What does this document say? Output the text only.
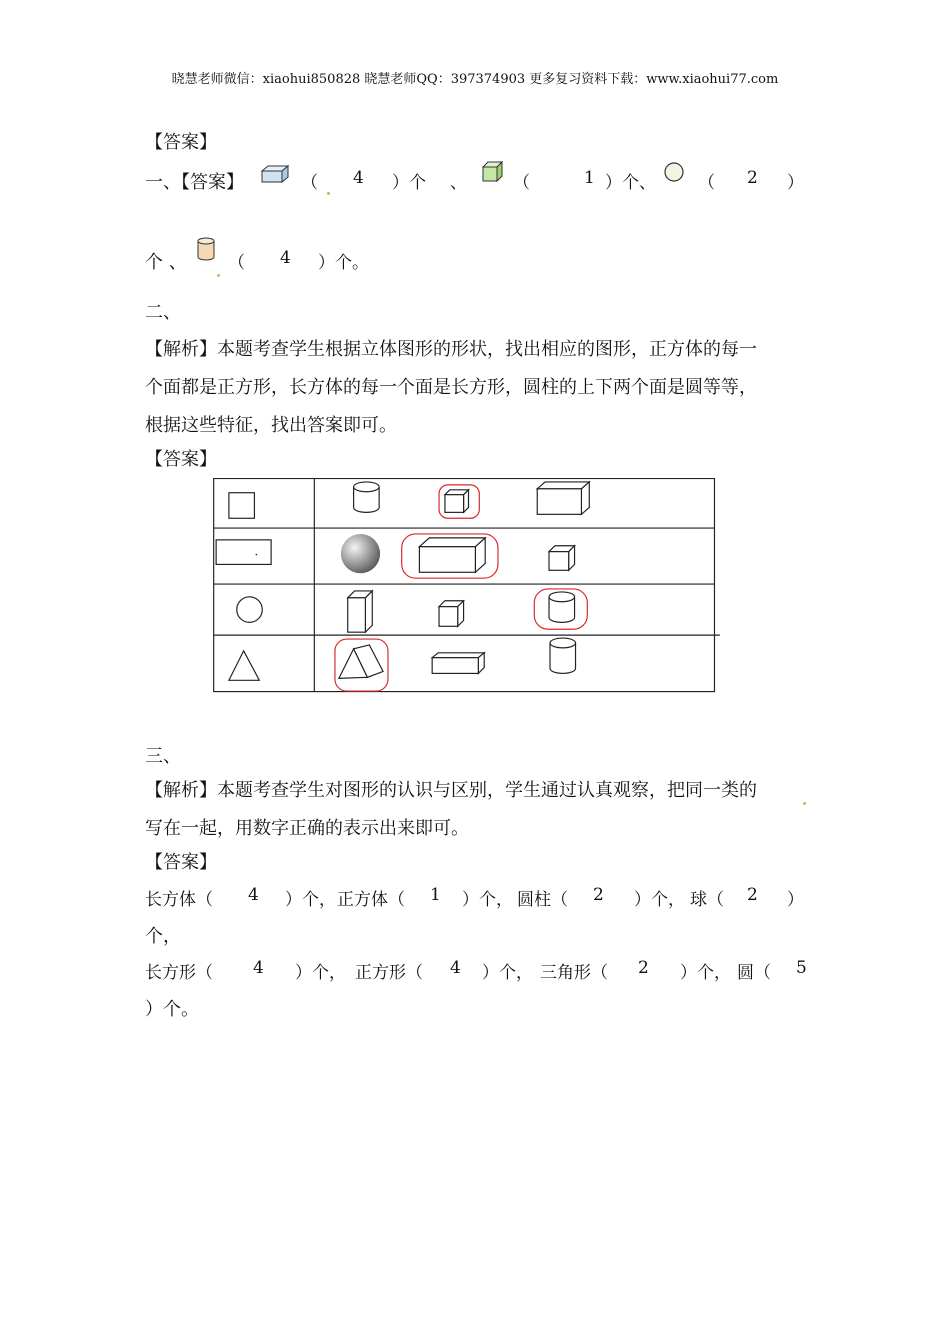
晓慧老师微信：xiaohui850828 晓慧老师QQ：397374903 更多复习资料下载：www.xiaohui77.com
【答案】
一、【答案】	（ 4 ）个 、	（	1 ）个、 （ 2 ）
个 、 （ 4 ）个。
二、
【解析】本题考查学生根据立体图形的形状，找出相应的图形，正方体的每一
个面都是正方形，长方体的每一个面是长方形，圆柱的上下两个面是圆等等，
根据这些特征，找出答案即可。
【答案】
三、
【解析】本题考查学生对图形的认识与区别，学生通过认真观察，把同一类的
写在一起，用数字正确的表示出来即可。
【答案】
长方体（ 4 ）个， 正方体（ 1 ）个， 圆柱（ 2 ）个， 球（ 2 ）
个，
长方形（ 4 ）个， 正方形（ 4 ）个， 三角形（ 2 ）个， 圆（ 5
）个。
